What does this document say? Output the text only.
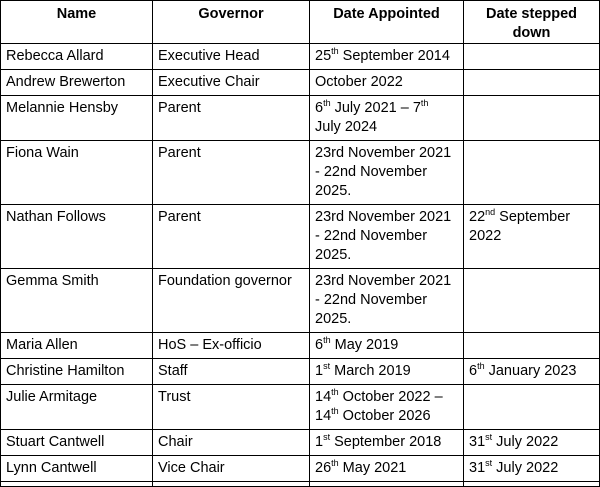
Name	Governor	Date Appointed	Date stepped down
Rebecca Allard	Executive Head	25th September 2014	
Andrew Brewerton	Executive Chair	October 2022	
Melannie Hensby	Parent	6th July 2021 – 7th July 2024	
Fiona Wain	Parent	23rd November 2021 - 22nd November 2025.	
Nathan Follows	Parent	23rd November 2021 - 22nd November 2025.	22nd September 2022
Gemma Smith	Foundation governor	23rd November 2021 - 22nd November 2025.	
Maria Allen	HoS – Ex-officio	6th May 2019	
Christine Hamilton	Staff	1st March 2019	6th January 2023
Julie Armitage	Trust	14th October 2022 – 14th October 2026	
Stuart Cantwell	Chair	1st September 2018	31st July 2022
Lynn Cantwell	Vice Chair	26th May 2021	31st July 2022
